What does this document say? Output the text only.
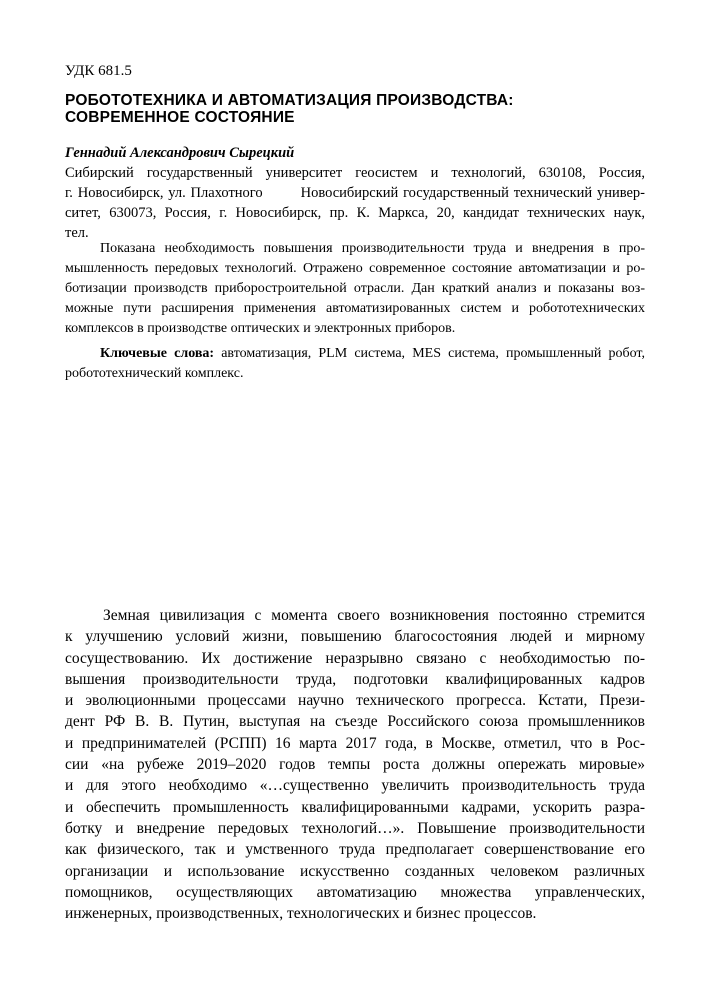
УДК 681.5
РОБОТОТЕХНИКА И АВТОМАТИЗАЦИЯ ПРОИЗВОДСТВА:
СОВРЕМЕННОЕ СОСТОЯНИЕ
Геннадий Александрович Сырецкий
Сибирский государственный университет геосистем и технологий, 630108, Россия,
г. Новосибирск, ул. Плахотного	Новосибирский государственный технический универ-
ситет, 630073, Россия, г. Новосибирск, пр. К. Маркса, 20, кандидат технических наук,
тел.
Показана необходимость повышения производительности труда и внедрения в про-
мышленность передовых технологий. Отражено современное состояние автоматизации и ро-
ботизации производств приборостроительной отрасли. Дан краткий анализ и показаны воз-
можные пути расширения применения автоматизированных систем и робототехнических
комплексов в производстве оптических и электронных приборов.
Ключевые слова: автоматизация, PLM система, MES система, промышленный робот,
робототехнический комплекс.
Земная цивилизация с момента своего возникновения постоянно стремится
к улучшению условий жизни, повышению благосостояния людей и мирному
сосуществованию. Их достижение неразрывно связано с необходимостью по-
вышения производительности труда, подготовки квалифицированных кадров
и эволюционными процессами научно технического прогресса. Кстати, Прези-
дент РФ В. В. Путин, выступая на съезде Российского союза промышленников
и предпринимателей (РСПП) 16 марта 2017 года, в Москве, отметил, что в Рос-
сии «на рубеже 2019–2020 годов темпы роста должны опережать мировые»
и для этого необходимо «…существенно увеличить производительность труда
и обеспечить промышленность квалифицированными кадрами, ускорить разра-
ботку и внедрение передовых технологий…». Повышение производительности
как физического, так и умственного труда предполагает совершенствование его
организации и использование искусственно созданных человеком различных
помощников, осуществляющих автоматизацию множества управленческих,
инженерных, производственных, технологических и бизнес процессов.
